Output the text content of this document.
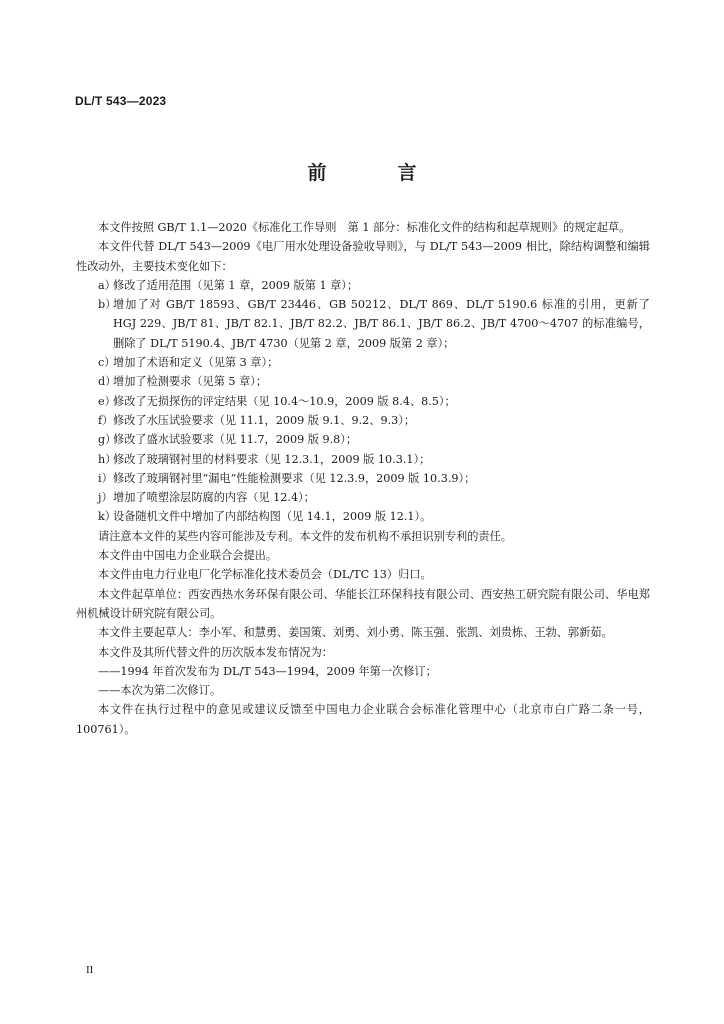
DL/T 543—2023
前　言

本文件按照 GB/T 1.1—2020《标准化工作导则　第 1 部分：标准化文件的结构和起草规则》的规定起草。

本文件代替 DL/T 543—2009《电厂用水处理设备验收导则》，与 DL/T 543—2009 相比，除结构调整和编辑性改动外，主要技术变化如下：

a）
修改了适用范围（见第 1 章，2009 版第 1 章）；

b）
增加了对 GB/T 18593、GB/T 23446、GB 50212、DL/T 869、DL/T 5190.6 标准的引用，更新了 HGJ 229、JB/T 81、JB/T 82.1、JB/T 82.2、JB/T 86.1、JB/T 86.2、JB/T 4700～4707 的标准编号，删除了 DL/T 5190.4、JB/T 4730（见第 2 章，2009 版第 2 章）；

c）
增加了术语和定义（见第 3 章）；

d）
增加了检测要求（见第 5 章）；

e）
修改了无损探伤的评定结果（见 10.4～10.9，2009 版 8.4、8.5）；

f） 修改了水压试验要求（见 11.1，2009 版 9.1、9.2、9.3）；

g）
修改了盛水试验要求（见 11.7，2009 版 9.8）；

h）
修改了玻璃钢衬里的材料要求（见 12.3.1，2009 版 10.3.1）；

i） 修改了玻璃钢衬里“漏电”性能检测要求（见 12.3.9，2009 版 10.3.9）；

j） 增加了喷塑涂层防腐的内容（见 12.4）；

k）
设备随机文件中增加了内部结构图（见 14.1，2009 版 12.1）。

请注意本文件的某些内容可能涉及专利。本文件的发布机构不承担识别专利的责任。

本文件由中国电力企业联合会提出。

本文件由电力行业电厂化学标准化技术委员会（DL/TC 13）归口。

本文件起草单位：西安西热水务环保有限公司、华能长江环保科技有限公司、西安热工研究院有限公司、华电郑州机械设计研究院有限公司。

本文件主要起草人：李小军、和慧勇、姜国策、刘勇、刘小勇、陈玉强、张凯、刘贵栋、王勃、郭新茹。

本文件及其所代替文件的历次版本发布情况为：

——1994 年首次发布为 DL/T 543—1994，2009 年第一次修订；

——本次为第二次修订。

本文件在执行过程中的意见或建议反馈至中国电力企业联合会标准化管理中心（北京市白广路二条一号，100761）。

II
